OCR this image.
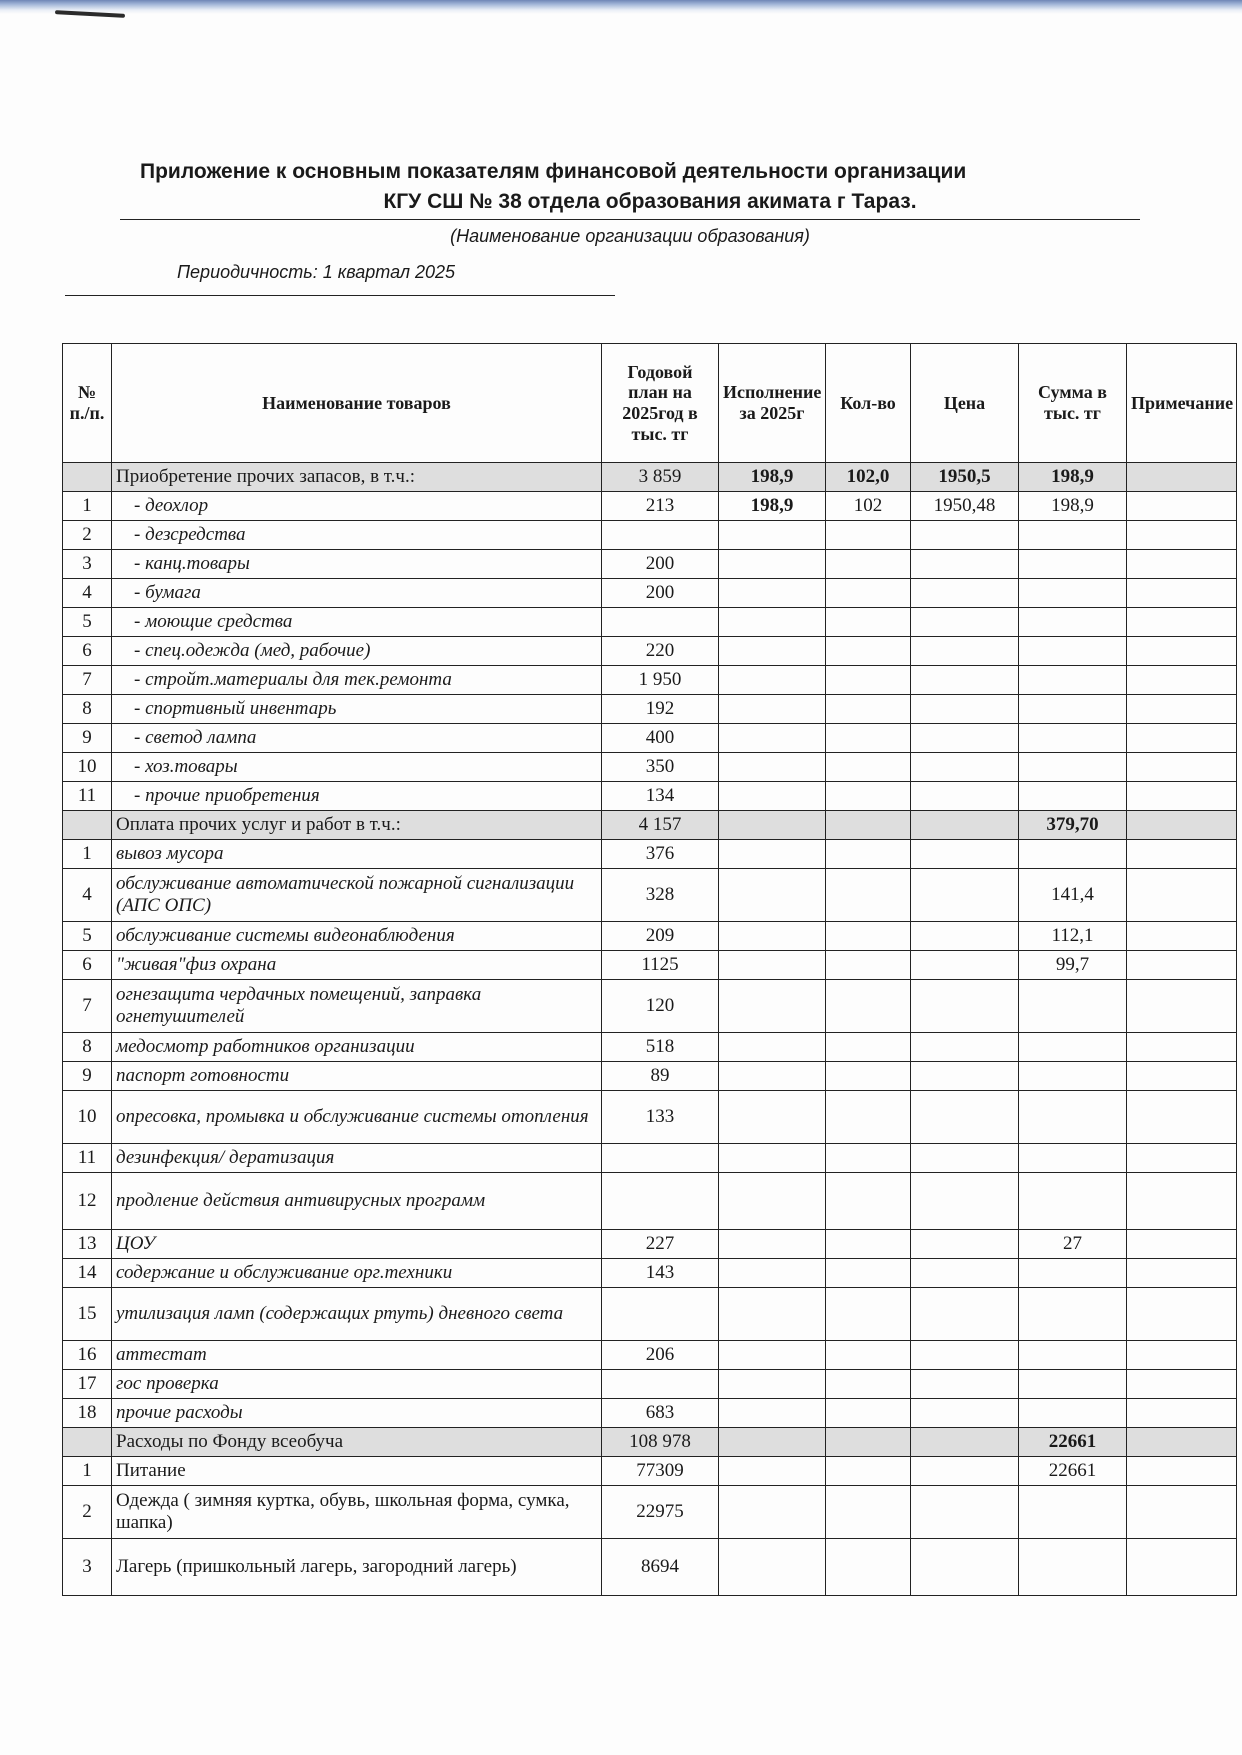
Приложение к основным показателям финансовой деятельности организации
КГУ СШ № 38 отдела образования акимата г Тараз.
(Наименование организации образования)
Периодичность: 1 квартал 2025
№ п./п.	Наименование товаров	Годовой план на 2025год в тыс. тг	Исполнение за 2025г	Кол-во	Цена	Сумма в тыс. тг	Примечание
	Приобретение прочих запасов, в т.ч.:	3 859	198,9	102,0	1950,5	198,9	
1	- деохлор	213	198,9	102	1950,48	198,9	
2	- дезсредства						
3	- канц.товары	200					
4	- бумага	200					
5	- моющие средства						
6	- спец.одежда (мед, рабочие)	220					
7	- стройт.материалы для тек.ремонта	1 950					
8	- спортивный инвентарь	192					
9	- светод лампа	400					
10	- хоз.товары	350					
11	- прочие приобретения	134					
	Оплата прочих услуг и работ в т.ч.:	4 157				379,70	
1	вывоз мусора	376					
4	обслуживание автоматической пожарной сигнализации (АПС ОПС)	328				141,4	
5	обслуживание системы видеонаблюдения	209				112,1	
6	"живая"физ охрана	1125				99,7	
7	огнезащита чердачных помещений, заправка огнетушителей	120					
8	медосмотр работников организации	518					
9	паспорт готовности	89					
10	опресовка, промывка и обслуживание системы отопления	133					
11	дезинфекция/ дератизация						
12	продление действия антивирусных программ						
13	ЦОУ	227				27	
14	содержание и обслуживание орг.техники	143					
15	утилизация ламп (содержащих ртуть) дневного света						
16	аттестат	206					
17	гос проверка						
18	прочие расходы	683					
	Расходы по Фонду всеобуча	108 978				22661	
1	Питание	77309				22661	
2	Одежда ( зимняя куртка, обувь, школьная форма, сумка, шапка)	22975					
3	Лагерь (пришкольный лагерь, загородний лагерь)	8694					
